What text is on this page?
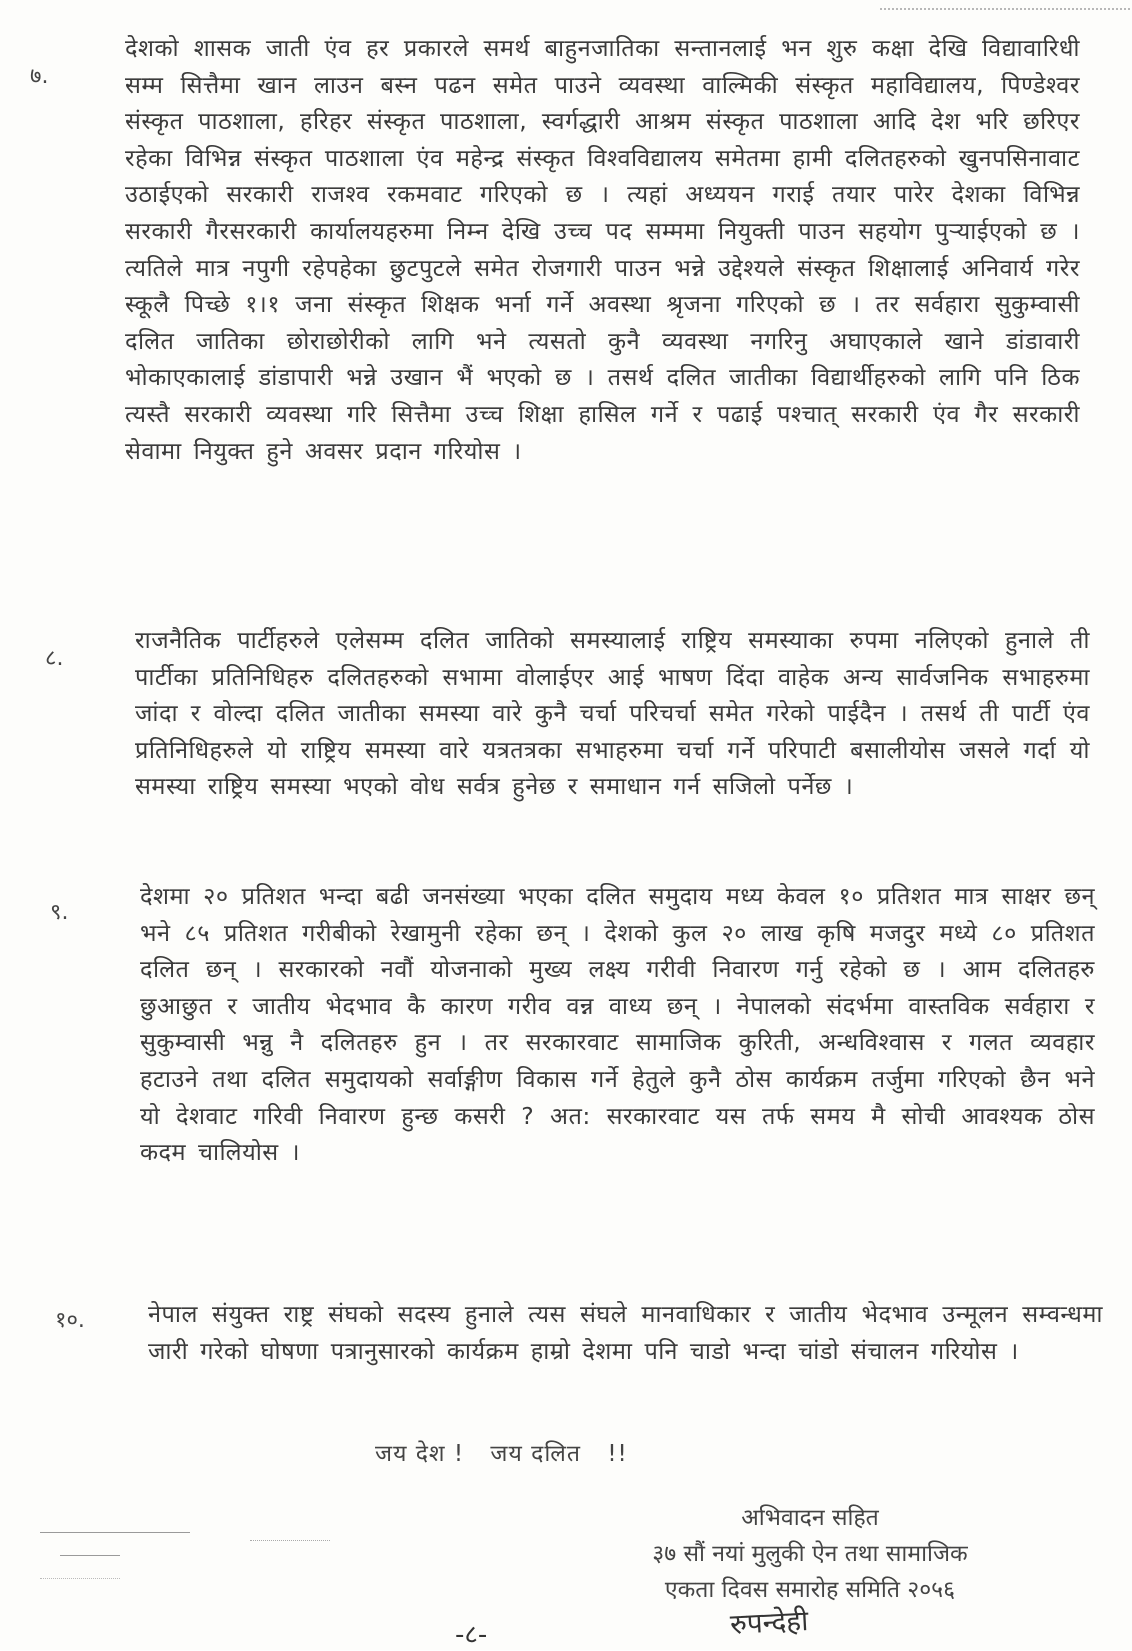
७.
देशको शासक जाती एंव हर प्रकारले समर्थ बाहुनजातिका सन्तानलाई भन शुरु कक्षा देखि विद्यावारिधी सम्म सित्तैमा खान लाउन बस्न पढन समेत पाउने व्यवस्था वाल्मिकी संस्कृत महाविद्यालय, पिण्डेश्वर संस्कृत पाठशाला, हरिहर संस्कृत पाठशाला, स्वर्गद्धारी आश्रम संस्कृत पाठशाला आदि देश भरि छरिएर रहेका विभिन्न संस्कृत पाठशाला एंव महेन्द्र संस्कृत विश्वविद्यालय समेतमा हामी दलितहरुको खुनपसिनावाट उठाईएको सरकारी राजश्व रकमवाट गरिएको छ । त्यहां अध्ययन गराई तयार पारेर देशका विभिन्न सरकारी गैरसरकारी कार्यालयहरुमा निम्न देखि उच्च पद सम्ममा नियुक्ती पाउन सहयोग पुऱ्याईएको छ । त्यतिले मात्र नपुगी रहेपहेका छुटपुटले समेत रोजगारी पाउन भन्ने उद्देश्यले संस्कृत शिक्षालाई अनिवार्य गरेर स्कूलै पिच्छे १।१ जना संस्कृत शिक्षक भर्ना गर्ने अवस्था श्रृजना गरिएको छ । तर सर्वहारा सुकुम्वासी दलित जातिका छोराछोरीको लागि भने त्यसतो कुनै व्यवस्था नगरिनु अघाएकाले खाने डांडावारी भोकाएकालाई डांडापारी भन्ने उखान भैं भएको छ । तसर्थ दलित जातीका विद्यार्थीहरुको लागि पनि ठिक त्यस्तै सरकारी व्यवस्था गरि सित्तैमा उच्च शिक्षा हासिल गर्ने र पढाई पश्चात् सरकारी एंव गैर सरकारी सेवामा नियुक्त हुने अवसर प्रदान गरियोस ।
८.
राजनैतिक पार्टीहरुले एलेसम्म दलित जातिको समस्यालाई राष्ट्रिय समस्याका रुपमा नलिएको हुनाले ती पार्टीका प्रतिनिधिहरु दलितहरुको सभामा वोलाईएर आई भाषण दिंदा वाहेक अन्य सार्वजनिक सभाहरुमा जांदा र वोल्दा दलित जातीका समस्या वारे कुनै चर्चा परिचर्चा समेत गरेको पाईदैन । तसर्थ ती पार्टी एंव प्रतिनिधिहरुले यो राष्ट्रिय समस्या वारे यत्रतत्रका सभाहरुमा चर्चा गर्ने परिपाटी बसालीयोस जसले गर्दा यो समस्या राष्ट्रिय समस्या भएको वोध सर्वत्र हुनेछ र समाधान गर्न सजिलो पर्नेछ ।
९.
देशमा २० प्रतिशत भन्दा बढी जनसंख्या भएका दलित समुदाय मध्य केवल १० प्रतिशत मात्र साक्षर छन् भने ८५ प्रतिशत गरीबीको रेखामुनी रहेका छन् । देशको कुल २० लाख कृषि मजदुर मध्ये ८० प्रतिशत दलित छन् । सरकारको नवौं योजनाको मुख्य लक्ष्य गरीवी निवारण गर्नु रहेको छ । आम दलितहरु छुआछुत र जातीय भेदभाव कै कारण गरीव वन्न वाध्य छन् । नेपालको संदर्भमा वास्तविक सर्वहारा र सुकुम्वासी भन्नु नै दलितहरु हुन । तर सरकारवाट सामाजिक कुरिती, अन्धविश्वास र गलत व्यवहार हटाउने तथा दलित समुदायको सर्वाङ्गीण विकास गर्ने हेतुले कुनै ठोस कार्यक्रम तर्जुमा गरिएको छैन भने यो देशवाट गरिवी निवारण हुन्छ कसरी ? अत: सरकारवाट यस तर्फ समय मै सोची आवश्यक ठोस कदम चालियोस ।
१०.	नेपाल संयुक्त राष्ट्र संघको सदस्य हुनाले त्यस संघले मानवाधिकार र जातीय भेदभाव उन्मूलन सम्वन्धमा जारी गरेको घोषणा पत्रानुसारको कार्यक्रम हाम्रो देशमा पनि चाडो भन्दा चांडो संचालन गरियोस ।
जय देश ! जय दलित !!
अभिवादन सहित
३७ सौं नयां मुलुकी ऐन तथा सामाजिक
एकता दिवस समारोह समिति २०५६
रुपन्देही
-८-
